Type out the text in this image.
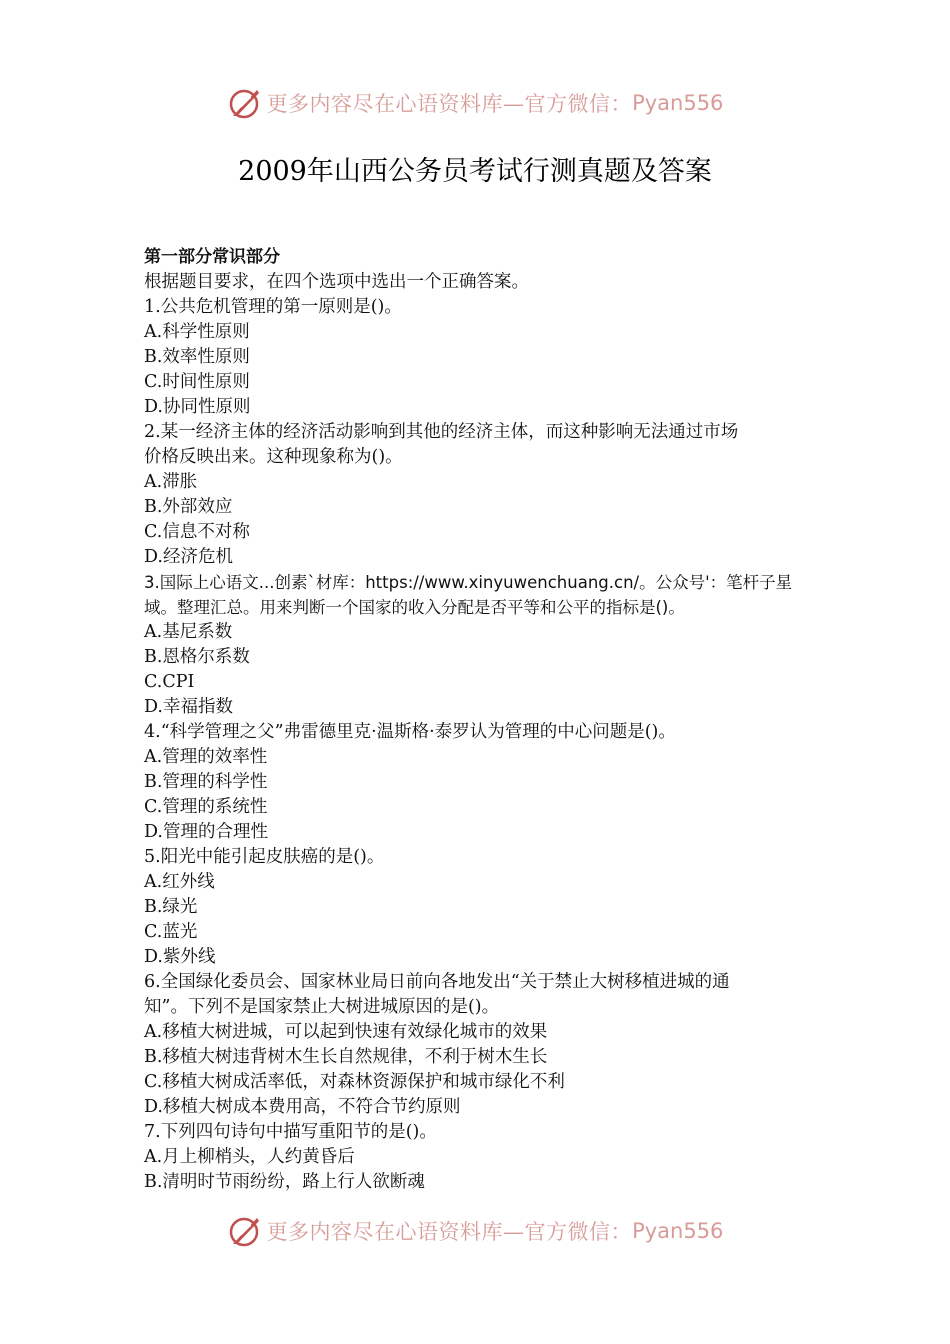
更多内容尽在心语资料库—官方微信： Pyan556
2009年山西公务员考试行测真题及答案
第一部分常识部分
根据题目要求，在四个选项中选出一个正确答案。
1.公共危机管理的第一原则是()。
A.科学性原则
B.效率性原则
C.时间性原则
D.协同性原则
2.某一经济主体的经济活动影响到其他的经济主体，而这种影响无法通过市场
价格反映出来。这种现象称为()。
A.滞胀
B.外部效应
C.信息不对称
D.经济危机
3.国际上心语文...创素`材库：https://www.xinyuwenchuang.cn/。公众号'：笔杆子星
域。整理汇总。用来判断一个国家的收入分配是否平等和公平的指标是()。
A.基尼系数
B.恩格尔系数
C.CPI
D.幸福指数
4.“科学管理之父”弗雷德里克·温斯格·泰罗认为管理的中心问题是()。
A.管理的效率性
B.管理的科学性
C.管理的系统性
D.管理的合理性
5.阳光中能引起皮肤癌的是()。
A.红外线
B.绿光
C.蓝光
D.紫外线
6.全国绿化委员会、国家林业局日前向各地发出“关于禁止大树移植进城的通
知”。下列不是国家禁止大树进城原因的是()。
A.移植大树进城，可以起到快速有效绿化城市的效果
B.移植大树违背树木生长自然规律，不利于树木生长
C.移植大树成活率低，对森林资源保护和城市绿化不利
D.移植大树成本费用高，不符合节约原则
7.下列四句诗句中描写重阳节的是()。
A.月上柳梢头，人约黄昏后
B.清明时节雨纷纷，路上行人欲断魂
更多内容尽在心语资料库—官方微信： Pyan556
